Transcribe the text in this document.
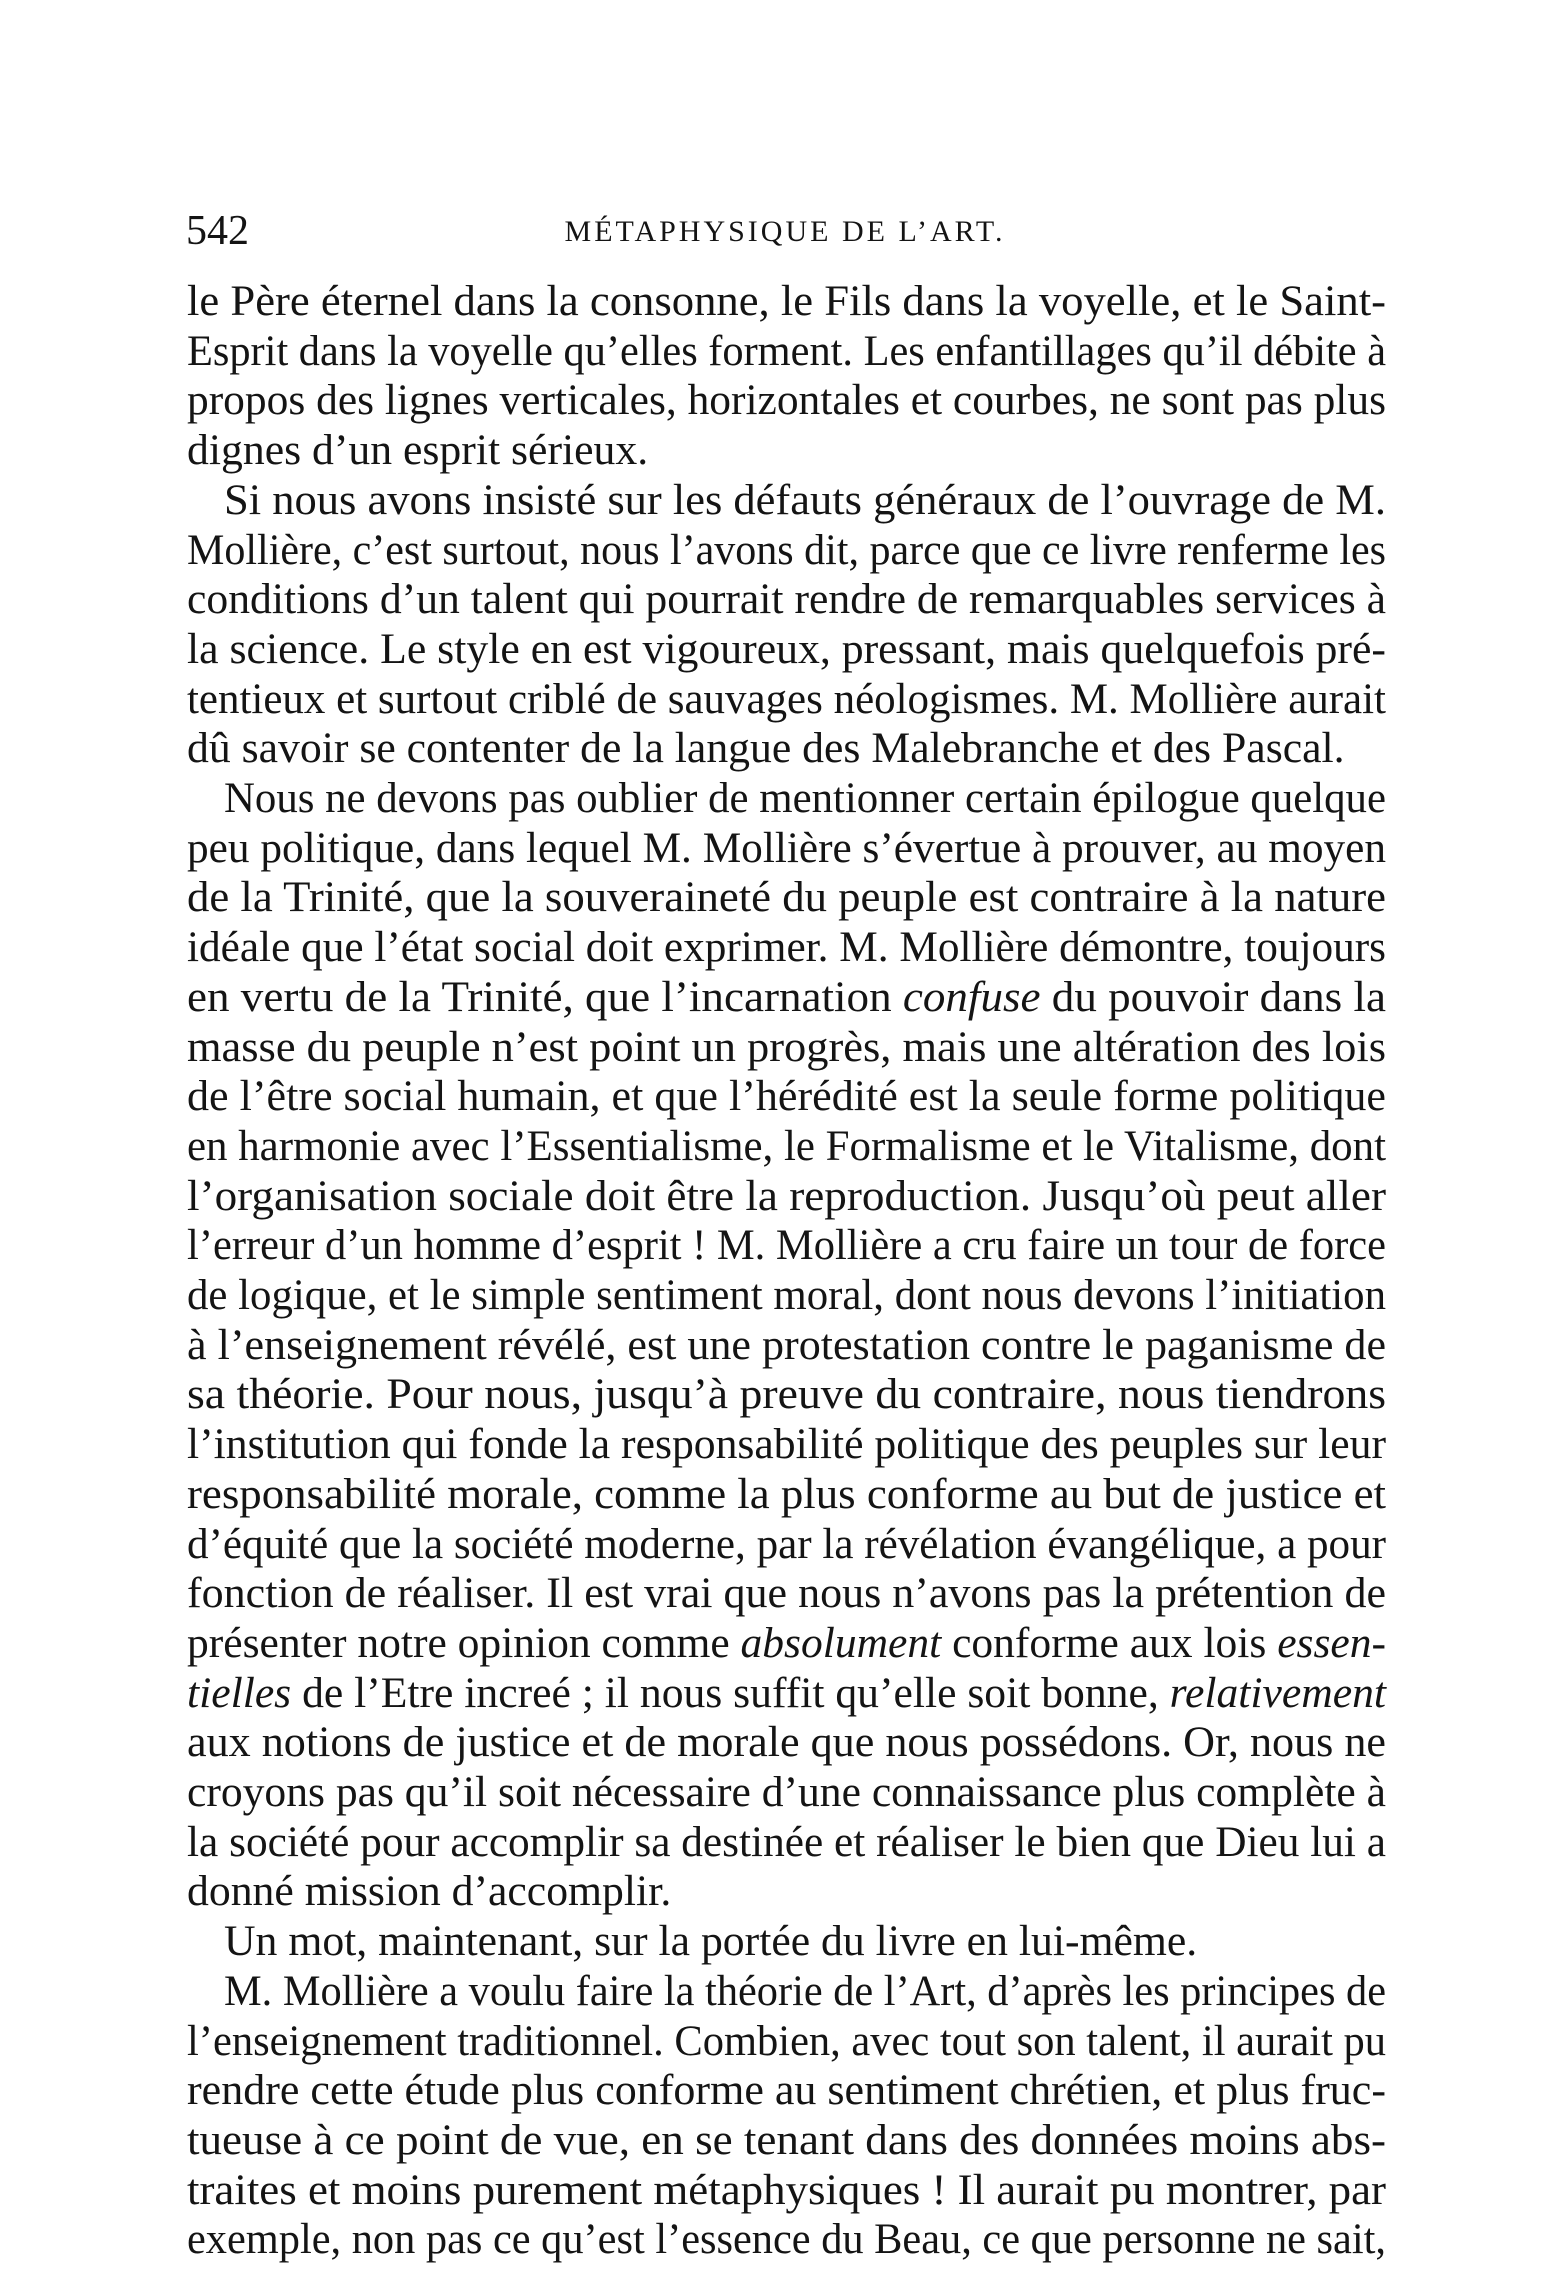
542	MÉTAPHYSIQUE DE L’ART.
le Père éternel dans la consonne, le Fils dans la voyelle, et le Saint-
Esprit dans la voyelle qu’elles forment. Les enfantillages qu’il débite à
propos des lignes verticales, horizontales et courbes, ne sont pas plus
dignes d’un esprit sérieux.
Si nous avons insisté sur les défauts généraux de l’ouvrage de M.
Mollière, c’est surtout, nous l’avons dit, parce que ce livre renferme les
conditions d’un talent qui pourrait rendre de remarquables services à
la science. Le style en est vigoureux, pressant, mais quelquefois pré-
tentieux et surtout criblé de sauvages néologismes. M. Mollière aurait
dû savoir se contenter de la langue des Malebranche et des Pascal.
Nous ne devons pas oublier de mentionner certain épilogue quelque
peu politique, dans lequel M. Mollière s’évertue à prouver, au moyen
de la Trinité, que la souveraineté du peuple est contraire à la nature
idéale que l’état social doit exprimer. M. Mollière démontre, toujours
en vertu de la Trinité, que l’incarnation confuse du pouvoir dans la
masse du peuple n’est point un progrès, mais une altération des lois
de l’être social humain, et que l’hérédité est la seule forme politique
en harmonie avec l’Essentialisme, le Formalisme et le Vitalisme, dont
l’organisation sociale doit être la reproduction. Jusqu’où peut aller
l’erreur d’un homme d’esprit ! M. Mollière a cru faire un tour de force
de logique, et le simple sentiment moral, dont nous devons l’initiation
à l’enseignement révélé, est une protestation contre le paganisme de
sa théorie. Pour nous, jusqu’à preuve du contraire, nous tiendrons
l’institution qui fonde la responsabilité politique des peuples sur leur
responsabilité morale, comme la plus conforme au but de justice et
d’équité que la société moderne, par la révélation évangélique, a pour
fonction de réaliser. Il est vrai que nous n’avons pas la prétention de
présenter notre opinion comme absolument conforme aux lois essen-
tielles de l’Etre increé ; il nous suffit qu’elle soit bonne, relativement
aux notions de justice et de morale que nous possédons. Or, nous ne
croyons pas qu’il soit nécessaire d’une connaissance plus complète à
la société pour accomplir sa destinée et réaliser le bien que Dieu lui a
donné mission d’accomplir.
Un mot, maintenant, sur la portée du livre en lui-même.
M. Mollière a voulu faire la théorie de l’Art, d’après les principes de
l’enseignement traditionnel. Combien, avec tout son talent, il aurait pu
rendre cette étude plus conforme au sentiment chrétien, et plus fruc-
tueuse à ce point de vue, en se tenant dans des données moins abs-
traites et moins purement métaphysiques ! Il aurait pu montrer, par
exemple, non pas ce qu’est l’essence du Beau, ce que personne ne sait,
